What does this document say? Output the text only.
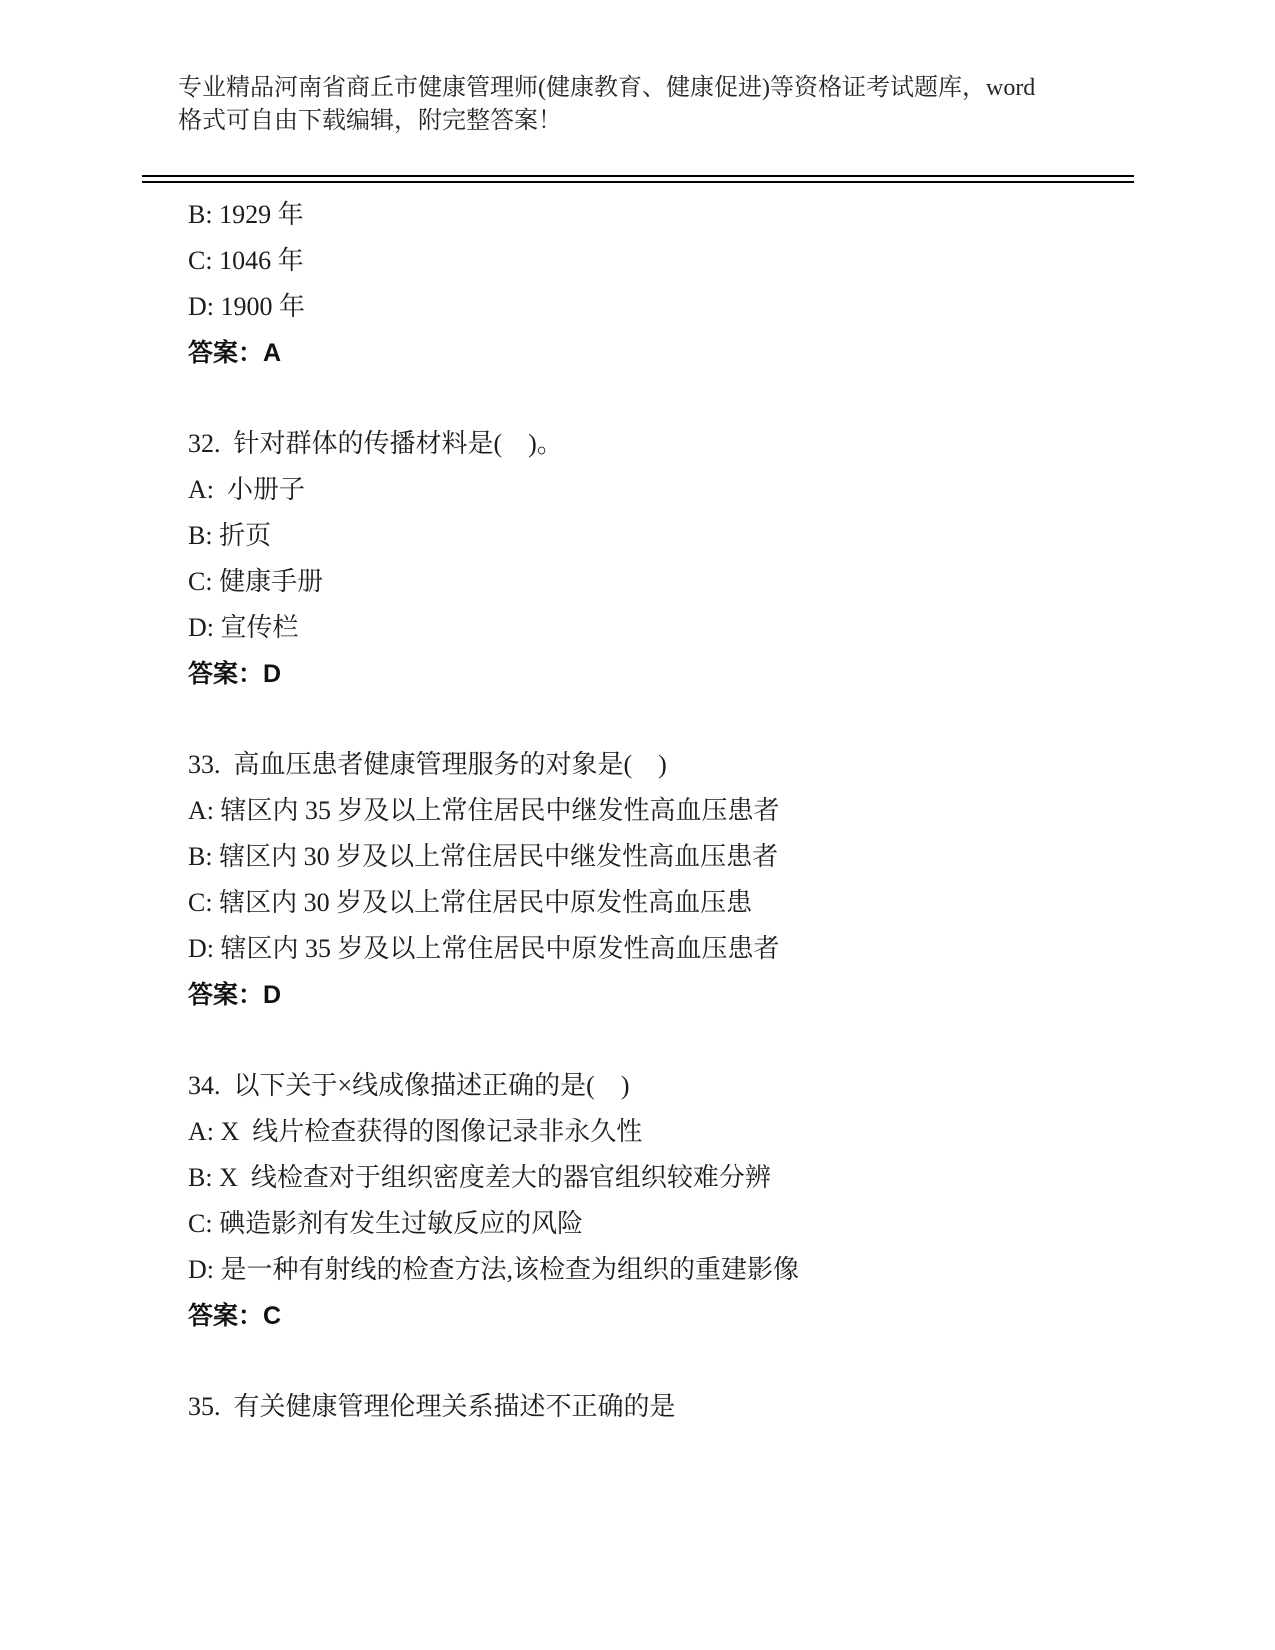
专业精品河南省商丘市健康管理师(健康教育、健康促进)等资格证考试题库，word

格式可自由下载编辑，附完整答案！

B: 1929 年

C: 1046 年

D: 1900 年

答案：A

32.  针对群体的传播材料是(    )。

A:  小册子

B: 折页

C: 健康手册

D: 宣传栏

答案：D

33.  高血压患者健康管理服务的对象是(    )

A: 辖区内 35 岁及以上常住居民中继发性高血压患者

B: 辖区内 30 岁及以上常住居民中继发性高血压患者

C: 辖区内 30 岁及以上常住居民中原发性高血压患

D: 辖区内 35 岁及以上常住居民中原发性高血压患者

答案：D

34.  以下关于×线成像描述正确的是(    )

A: X  线片检查获得的图像记录非永久性

B: X  线检查对于组织密度差大的器官组织较难分辨

C: 碘造影剂有发生过敏反应的风险

D: 是一种有射线的检查方法,该检查为组织的重建影像

答案：C

35.  有关健康管理伦理关系描述不正确的是
